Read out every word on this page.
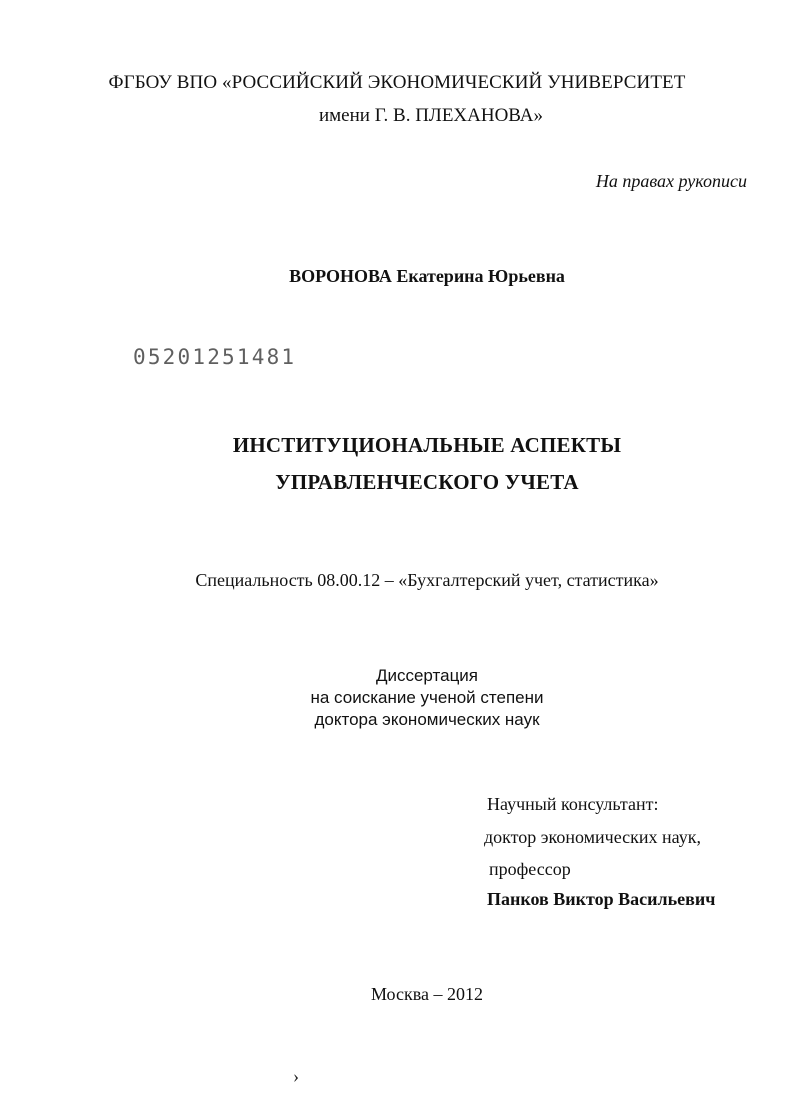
ФГБОУ ВПО «РОССИЙСКИЙ ЭКОНОМИЧЕСКИЙ УНИВЕРСИТЕТ
имени Г. В. ПЛЕХАНОВА»
На правах рукописи
ВОРОНОВА Екатерина Юрьевна
05201251481
ИНСТИТУЦИОНАЛЬНЫЕ АСПЕКТЫ
УПРАВЛЕНЧЕСКОГО УЧЕТА
Специальность 08.00.12 – «Бухгалтерский учет, статистика»
Диссертация
на соискание ученой степени
доктора экономических наук
Научный консультант:
доктор экономических наук,
профессор
Панков Виктор Васильевич
Москва – 2012
›
